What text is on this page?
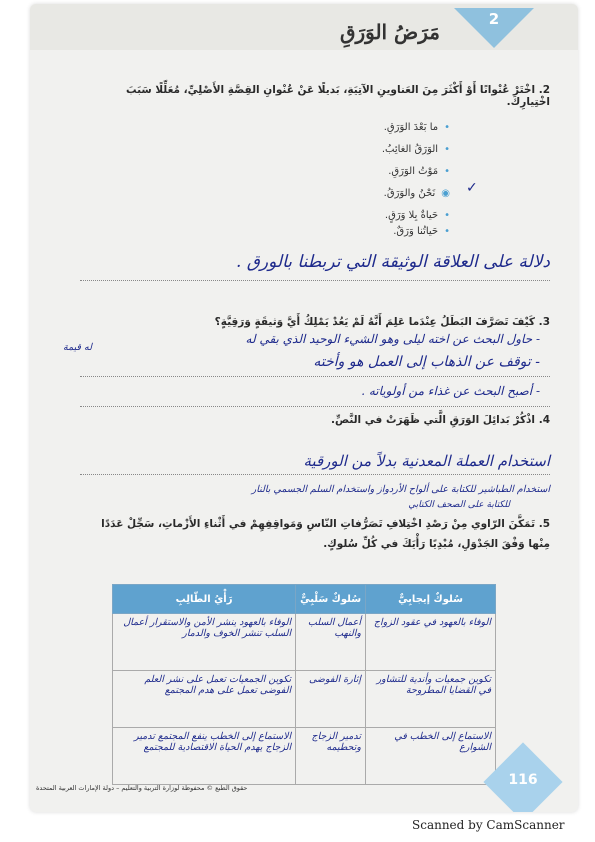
2
مَرَضُ الوَرَقِ
2. اخْتَرْ عُنْوانًا أَوْ أَكْثَرَ مِنَ العَناوينِ الآتِيَةِ، بَديلًا عَنْ عُنْوانِ القِصَّةِ الأَصْلِيِّ، مُعَلِّلًا سَبَبَ اخْتِيارِكَ.
•ما بَعْدَ الوَرَقِ.
•الوَرَقُ الغائِبُ.
•مَوْتُ الوَرَقِ.
◉نَحْنُ والوَرَقُ.	✓
•حَياةٌ بِلا وَرَقٍ.
•حَياتُنا وَرَقٌ.
دلالة على العلاقة الوثيقة التي تربطنا بالورق .
3. كَيْفَ تَصَرَّفَ البَطَلُ عِنْدَما عَلِمَ أَنَّهُ لَمْ يَعُدْ يَمْلِكُ أَيَّ وَثيقَةٍ وَرَقِيَّةٍ؟
- حاول البحث عن اخته ليلى وهو الشيء الوحيد الذي بقي له
- توقف عن الذهاب إلى العمل هو وأخته
- أصبح البحث عن غذاء من أولوياته .
له قيمة
4. اذْكُرْ بَدائِلَ الوَرَقِ الَّتي ظَهَرَتْ في النَّصِّ.
استخدام العملة المعدنية بدلاً من الورقية
استخدام الطباشير للكتابة على ألواح الأردواز واستخدام السلم الجسمي بالنار
للكتابة على الصحف الكتابي
5. تَمَكَّنَ الرّاوي مِنْ رَصْدِ اخْتِلافِ تَصَرُّفاتِ النّاسِ وَمَواقِفِهِمْ في أَثْناءِ الأَزْماتِ، سَجِّلْ عَدَدًا مِنْها وَفْقَ الجَدْوَلِ، مُبْدِيًا رَأْيَكَ في كُلِّ سُلوكٍ.
سُلوكٌ إيجابِيٌّ	سُلوكٌ سَلْبِيٌّ	رَأْيُ الطّالِبِ
الوفاء بالعهود في عقود الزواج	أعمال السلب والنهب	الوفاء بالعهود ينشر الأمن والاستقرار أعمال السلب تنشر الخوف والدمار
تكوين جمعيات وأندية للتشاور في القضايا المطروحة	إثارة الفوضى	تكوين الجمعيات تعمل على نشر العلم الفوضى تعمل على هدم المجتمع
الاستماع إلى الخطب في الشوارع	تدمير الزجاج وتحطيمه	الاستماع إلى الخطب ينفع المجتمع تدمير الزجاج يهدم الحياة الاقتصادية للمجتمع
116
حقوق الطبع © محفوظة لوزارة التربية والتعليم – دولة الإمارات العربية المتحدة
Scanned by CamScanner
